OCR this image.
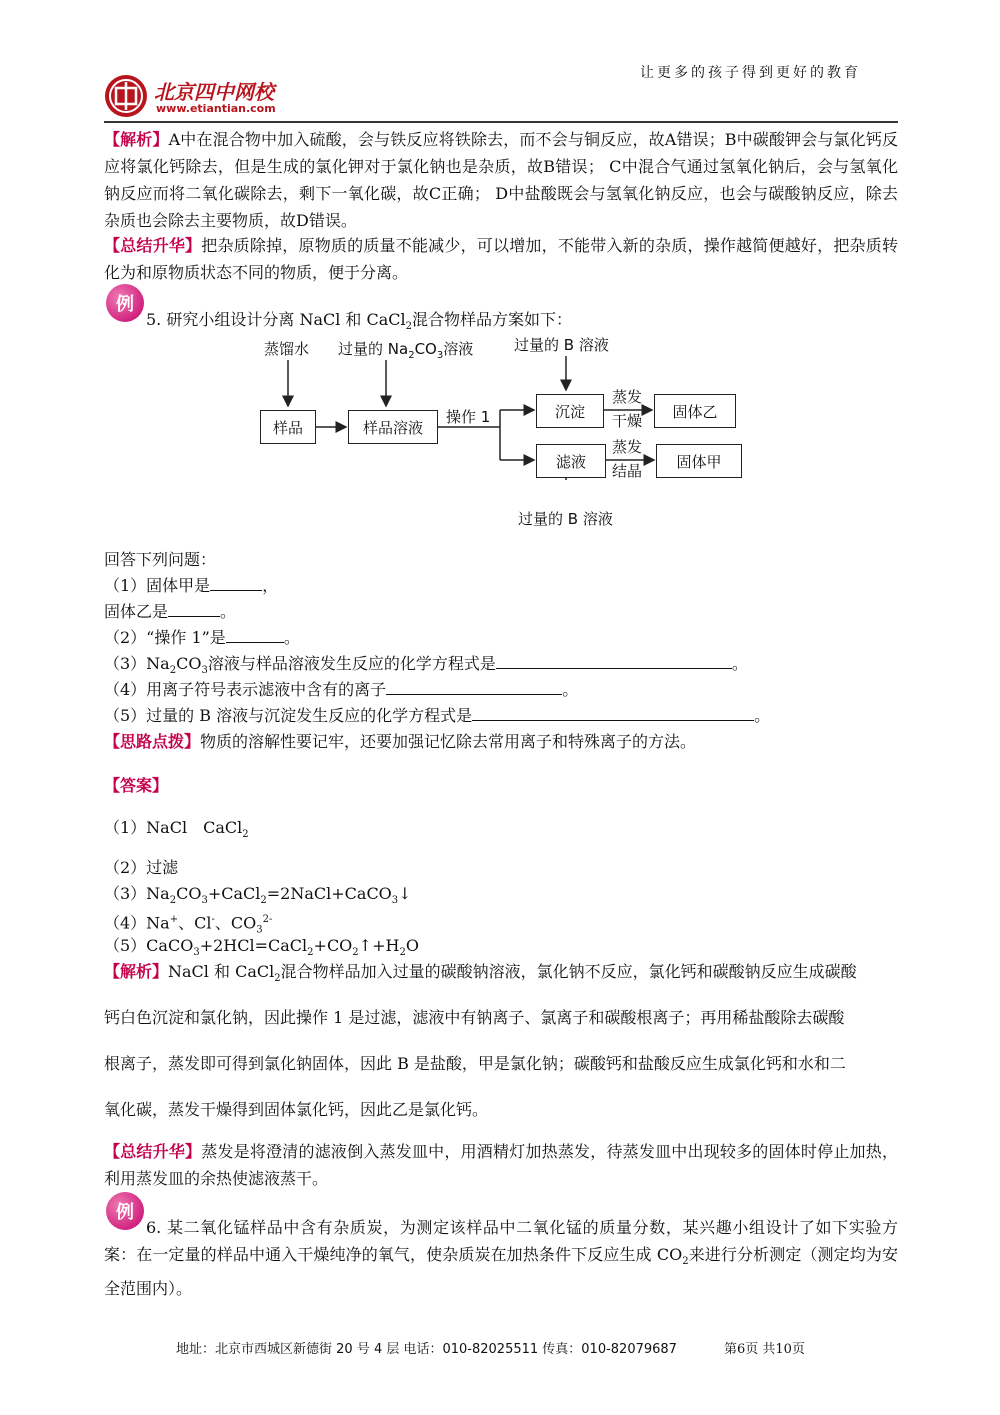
让更多的孩子得到更好的教育
北京四中网校
www.etiantian.com
【解析】A中在混合物中加入硫酸，会与铁反应将铁除去，而不会与铜反应，故A错误；B中碳酸钾会与氯化钙反应将氯化钙除去，但是生成的氯化钾对于氯化钠也是杂质，故B错误； C中混合气通过氢氧化钠后，会与氢氧化钠反应而将二氧化碳除去，剩下一氧化碳，故C正确； D中盐酸既会与氢氧化钠反应，也会与碳酸钠反应，除去杂质也会除去主要物质，故D错误。
【总结升华】把杂质除掉，原物质的质量不能减少，可以增加，不能带入新的杂质，操作越简便越好，把杂质转化为和原物质状态不同的物质，便于分离。
例
5. 研究小组设计分离 NaCl 和 CaCl$_2$混合物样品方案如下：
蒸馏水 过量的 $Na_2CO_3$溶液	过量的 B 溶液
样品	样品溶液
操作 1	沉淀
滤液
蒸发
干燥
蒸发
结晶
固体乙
固体甲
过量的 B 溶液
回答下列问题：
（1）固体甲是	，
固体乙是	。
（2）“操作 1”是	。
$(3)Na_2CO_3$溶液与样品溶液发生反应的化学方程式是	。
（4）用离子符号表示滤液中含有的离子	。
（5）过量的 B 溶液与沉淀发生反应的化学方程式是	。
【思路点拨】物质的溶解性要记牢，还要加强记忆除去常用离子和特殊离子的方法。
【答案】
（1）NaCl　CaCl$_2$
（2）过滤
$(3)Na_2CO_3+CaCl_2=2NaCl+CaCO_3↓$
（4）Na+、Cl-、$CO_3^{2-}$
$(5)CaCO_3+2HCl=CaCl_2+CO_2↑+H_2O$
【解析】NaCl 和 CaCl$_2$混合物样品加入过量的碳酸钠溶液，氯化钠不反应，氯化钙和碳酸钠反应生成碳酸
钙白色沉淀和氯化钠，因此操作 1 是过滤，滤液中有钠离子、氯离子和碳酸根离子；再用稀盐酸除去碳酸
根离子，蒸发即可得到氯化钠固体，因此 B 是盐酸，甲是氯化钠；碳酸钙和盐酸反应生成氯化钙和水和二
氧化碳，蒸发干燥得到固体氯化钙，因此乙是氯化钙。
【总结升华】蒸发是将澄清的滤液倒入蒸发皿中，用酒精灯加热蒸发，待蒸发皿中出现较多的固体时停止加热，利用蒸发皿的余热使滤液蒸干。
例
6. 某二氧化锰样品中含有杂质炭，为测定该样品中二氧化锰的质量分数，某兴趣小组设计了如下实验方案：在一定量的样品中通入干燥纯净的氧气，使杂质炭在加热条件下反应生成 $CO_2$来进行分析测定（测定均为安全范围内）。
地址：北京市西城区新德街 20 号 4 层 电话：010-82025511 传真：010-82079687	第6页 共10页
